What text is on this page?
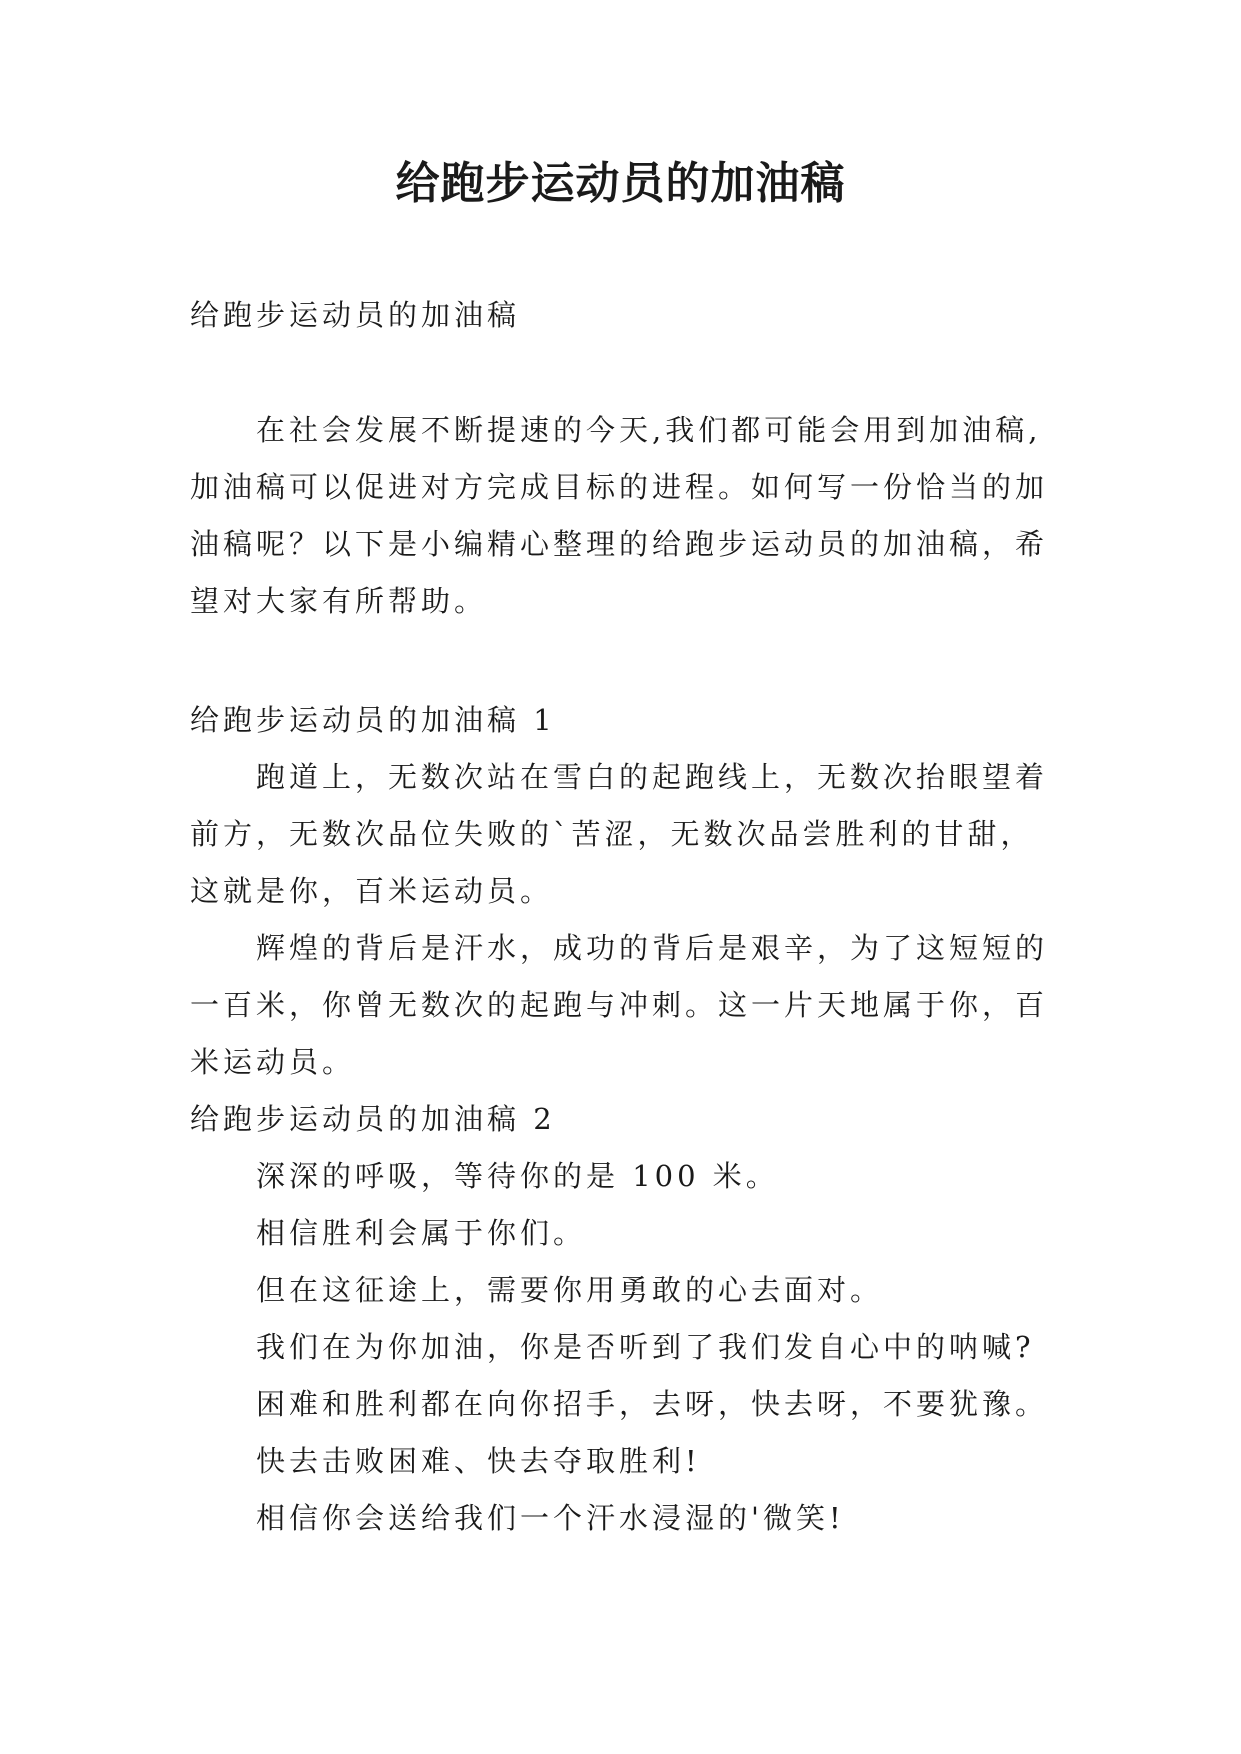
给跑步运动员的加油稿
给跑步运动员的加油稿
在社会发展不断提速的今天,我们都可能会用到加油稿,
加油稿可以促进对方完成目标的进程。如何写一份恰当的加
油稿呢？以下是小编精心整理的给跑步运动员的加油稿，希
望对大家有所帮助。
给跑步运动员的加油稿 1
跑道上，无数次站在雪白的起跑线上，无数次抬眼望着
前方，无数次品位失败的`苦涩，无数次品尝胜利的甘甜，
这就是你，百米运动员。
辉煌的背后是汗水，成功的背后是艰辛，为了这短短的
一百米，你曾无数次的起跑与冲刺。这一片天地属于你，百
米运动员。
给跑步运动员的加油稿 2
深深的呼吸，等待你的是 100 米。
相信胜利会属于你们。
但在这征途上，需要你用勇敢的心去面对。
我们在为你加油，你是否听到了我们发自心中的呐喊?
困难和胜利都在向你招手，去呀，快去呀，不要犹豫。
快去击败困难、快去夺取胜利!
相信你会送给我们一个汗水浸湿的'微笑!
